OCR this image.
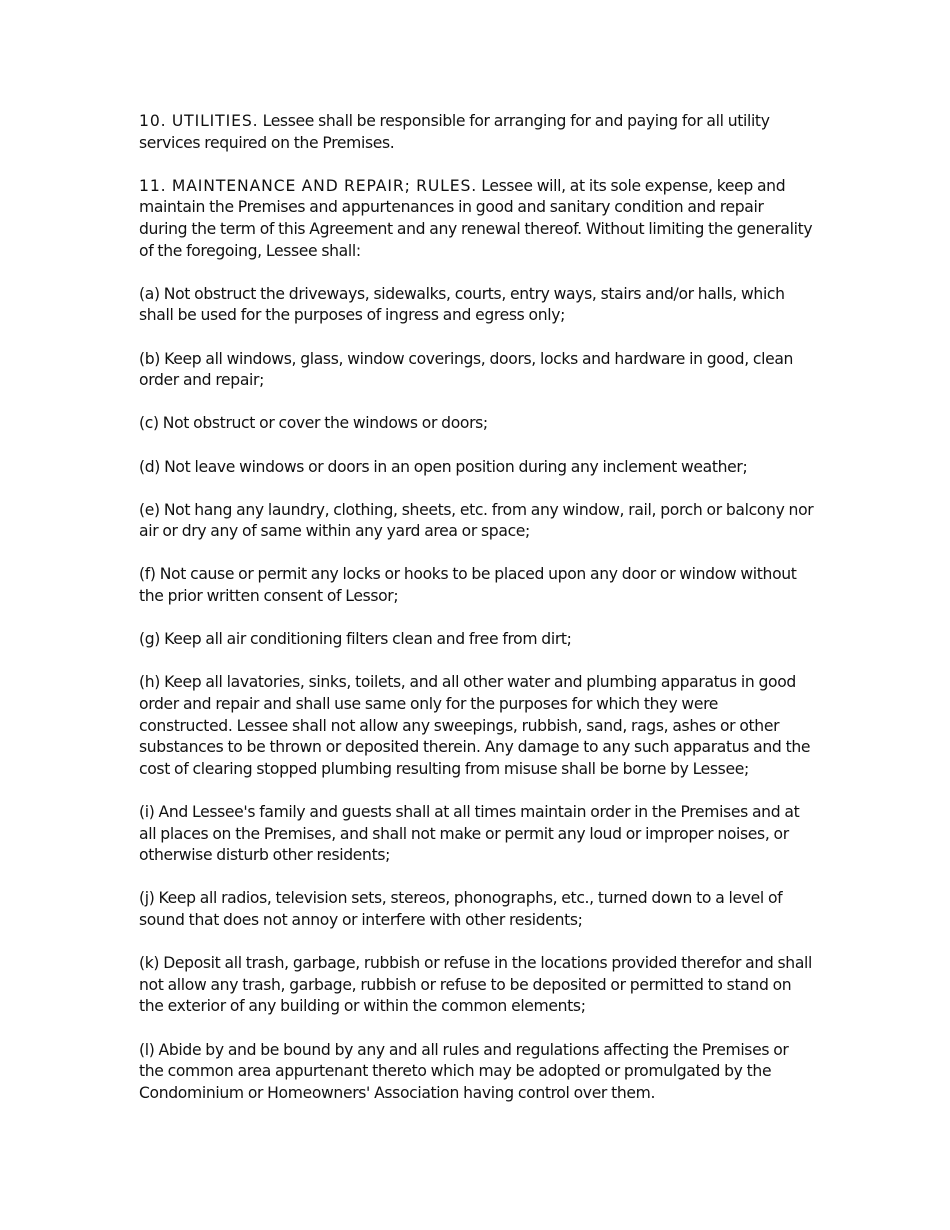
10. UTILITIES. Lessee shall be responsible for arranging for and paying for all utility services required on the Premises.

11. MAINTENANCE AND REPAIR; RULES. Lessee will, at its sole expense, keep and maintain the Premises and appurtenances in good and sanitary condition and repair during the term of this Agreement and any renewal thereof. Without limiting the generality of the foregoing, Lessee shall:

(a) Not obstruct the driveways, sidewalks, courts, entry ways, stairs and/or halls, which shall be used for the purposes of ingress and egress only;

(b) Keep all windows, glass, window coverings, doors, locks and hardware in good, clean order and repair;

(c) Not obstruct or cover the windows or doors;

(d) Not leave windows or doors in an open position during any inclement weather;

(e) Not hang any laundry, clothing, sheets, etc. from any window, rail, porch or balcony nor air or dry any of same within any yard area or space;

(f) Not cause or permit any locks or hooks to be placed upon any door or window without the prior written consent of Lessor;

(g) Keep all air conditioning filters clean and free from dirt;

(h) Keep all lavatories, sinks, toilets, and all other water and plumbing apparatus in good order and repair and shall use same only for the purposes for which they were constructed. Lessee shall not allow any sweepings, rubbish, sand, rags, ashes or other substances to be thrown or deposited therein. Any damage to any such apparatus and the cost of clearing stopped plumbing resulting from misuse shall be borne by Lessee;

(i) And Lessee's family and guests shall at all times maintain order in the Premises and at all places on the Premises, and shall not make or permit any loud or improper noises, or otherwise disturb other residents;

(j) Keep all radios, television sets, stereos, phonographs, etc., turned down to a level of sound that does not annoy or interfere with other residents;

(k) Deposit all trash, garbage, rubbish or refuse in the locations provided therefor and shall not allow any trash, garbage, rubbish or refuse to be deposited or permitted to stand on the exterior of any building or within the common elements;

(l) Abide by and be bound by any and all rules and regulations affecting the Premises or the common area appurtenant thereto which may be adopted or promulgated by the Condominium or Homeowners' Association having control over them.
